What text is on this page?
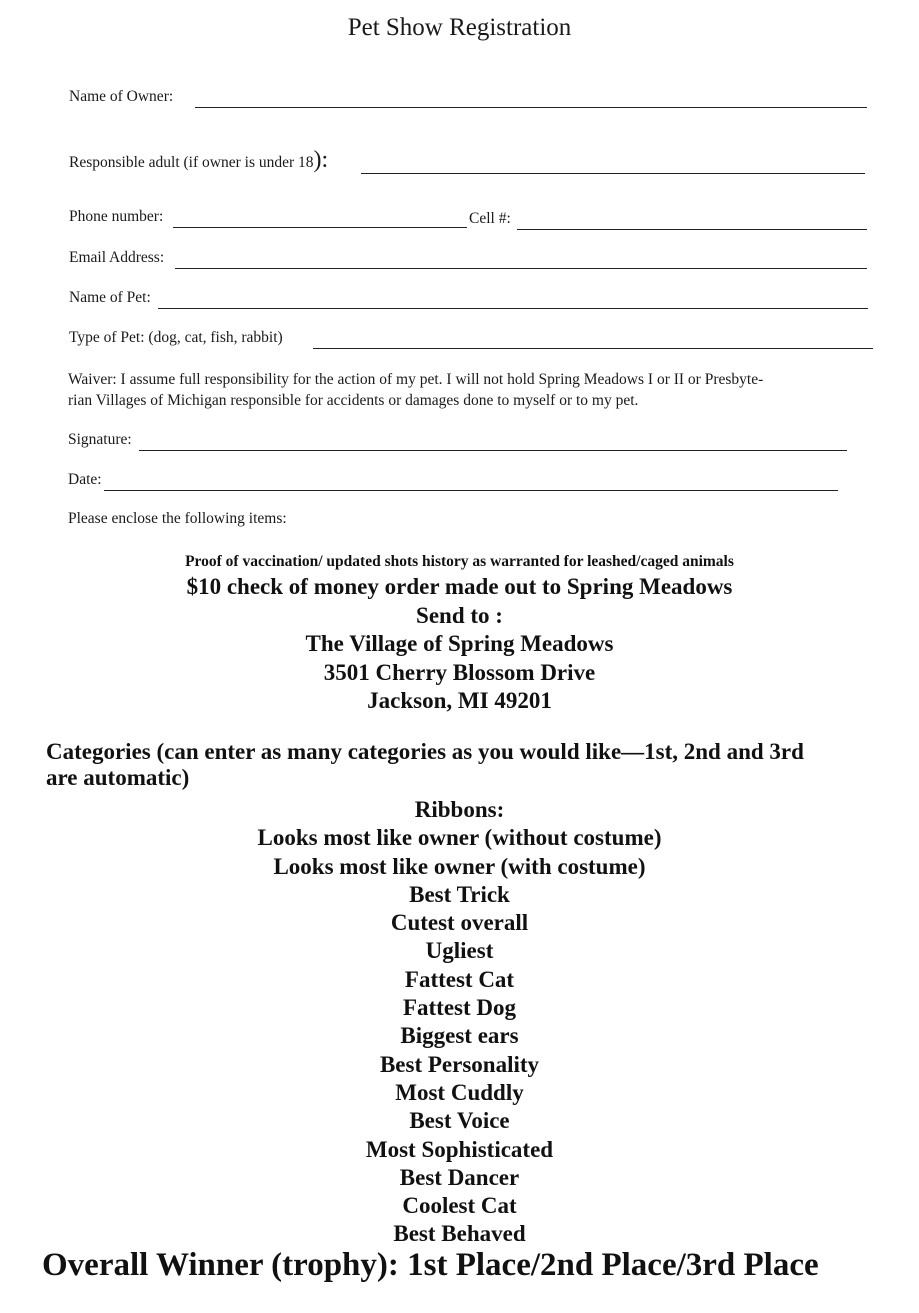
Pet Show Registration
Name of Owner:
Responsible adult (if owner is under 18):
Phone number:	Cell #:
Email Address:
Name of Pet:
Type of Pet: (dog, cat, fish, rabbit)
Waiver: I assume full responsibility for the action of my pet. I will not hold Spring Meadows I or II or Presbyte-
rian Villages of Michigan responsible for accidents or damages done to myself or to my pet.
Signature:
Date:
Please enclose the following items:
Proof of vaccination/ updated shots history as warranted for leashed/caged animals
$10 check of money order made out to Spring Meadows
Send to :
The Village of Spring Meadows
3501 Cherry Blossom Drive
Jackson, MI 49201
Categories (can enter as many categories as you would like—1st, 2nd and 3rd
are automatic)
Ribbons:
Looks most like owner (without costume)
Looks most like owner (with costume)
Best Trick
Cutest overall
Ugliest
Fattest Cat
Fattest Dog
Biggest ears
Best Personality
Most Cuddly
Best Voice
Most Sophisticated
Best Dancer
Coolest Cat
Best Behaved
Overall Winner (trophy): 1st Place/2nd Place/3rd Place
